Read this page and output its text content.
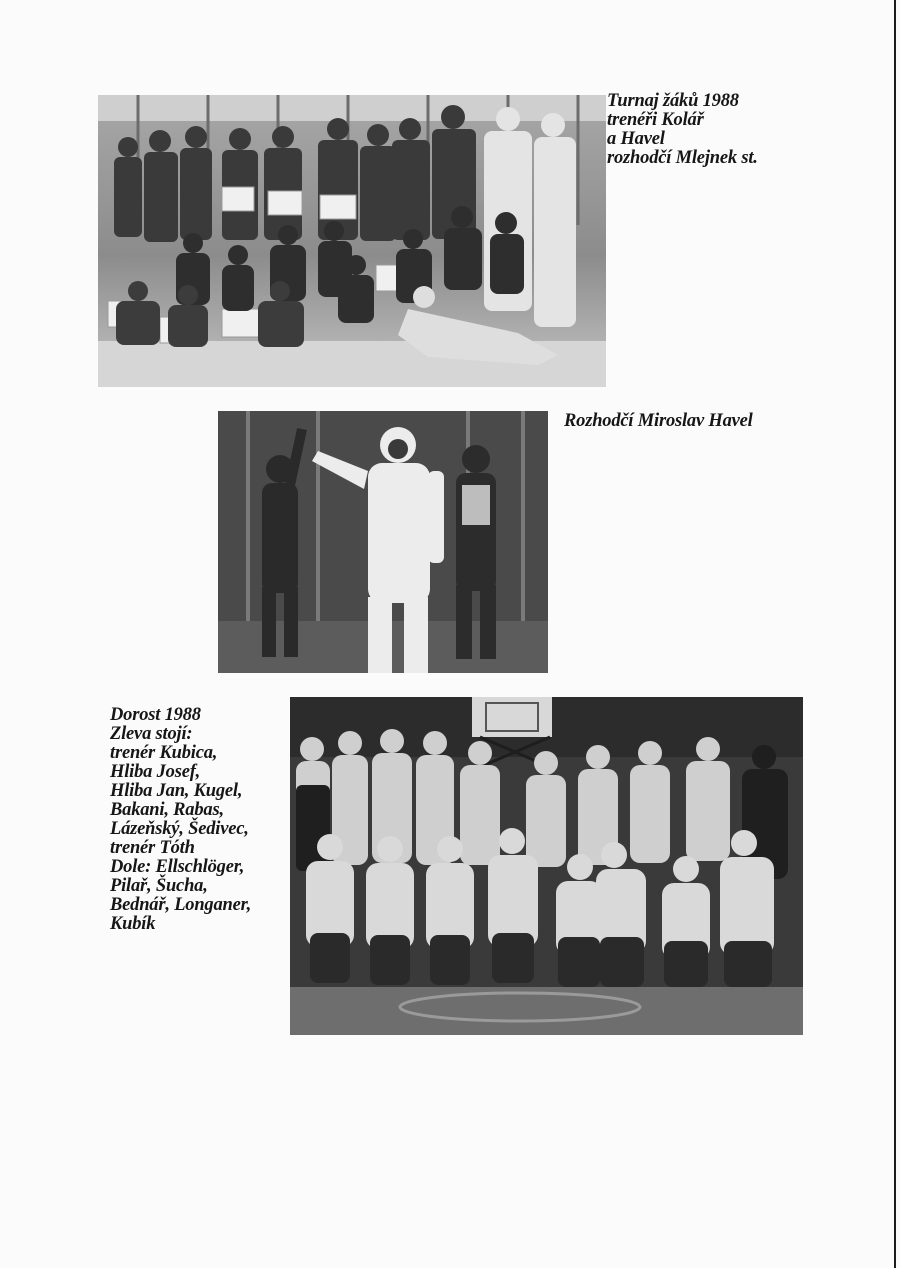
Turnaj žáků 1988
trenéři Kolář
a Havel
rozhodčí Mlejnek st.
Rozhodčí Miroslav Havel
Dorost 1988
Zleva stojí:
trenér Kubica,
Hliba Josef,
Hliba Jan, Kugel,
Bakani, Rabas,
Lázeňský, Šedivec,
trenér Tóth
Dole: Ellschlöger,
Pilař, Šucha,
Bednář, Longaner,
Kubík
